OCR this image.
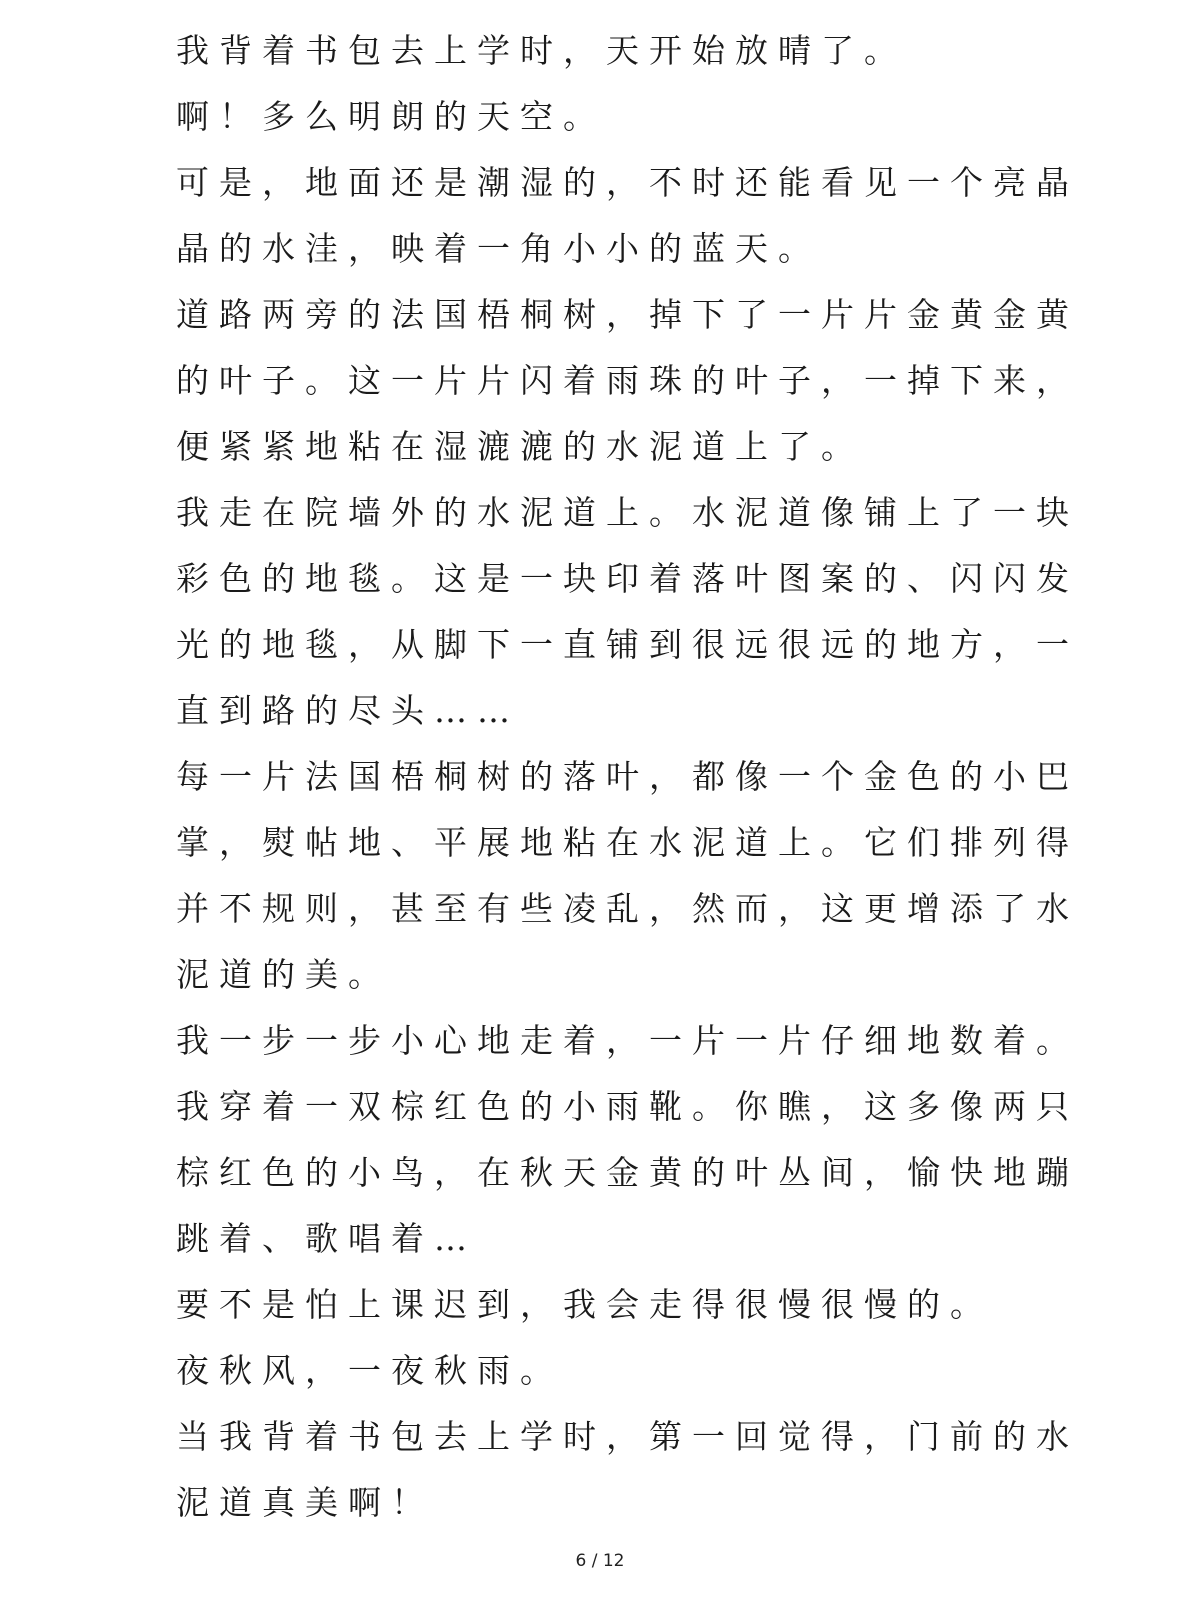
我背着书包去上学时，天开始放晴了。
啊！多么明朗的天空。
可是，地面还是潮湿的，不时还能看见一个亮晶
晶的水洼，映着一角小小的蓝天。
道路两旁的法国梧桐树，掉下了一片片金黄金黄
的叶子。这一片片闪着雨珠的叶子，一掉下来，
便紧紧地粘在湿漉漉的水泥道上了。
我走在院墙外的水泥道上。水泥道像铺上了一块
彩色的地毯。这是一块印着落叶图案的、闪闪发
光的地毯，从脚下一直铺到很远很远的地方，一
直到路的尽头……
每一片法国梧桐树的落叶，都像一个金色的小巴
掌，熨帖地、平展地粘在水泥道上。它们排列得
并不规则，甚至有些凌乱，然而，这更增添了水
泥道的美。
我一步一步小心地走着，一片一片仔细地数着。
我穿着一双棕红色的小雨靴。你瞧，这多像两只
棕红色的小鸟，在秋天金黄的叶丛间，愉快地蹦
跳着、歌唱着…
要不是怕上课迟到，我会走得很慢很慢的。
夜秋风，一夜秋雨。
当我背着书包去上学时，第一回觉得，门前的水
泥道真美啊！
6 / 12
